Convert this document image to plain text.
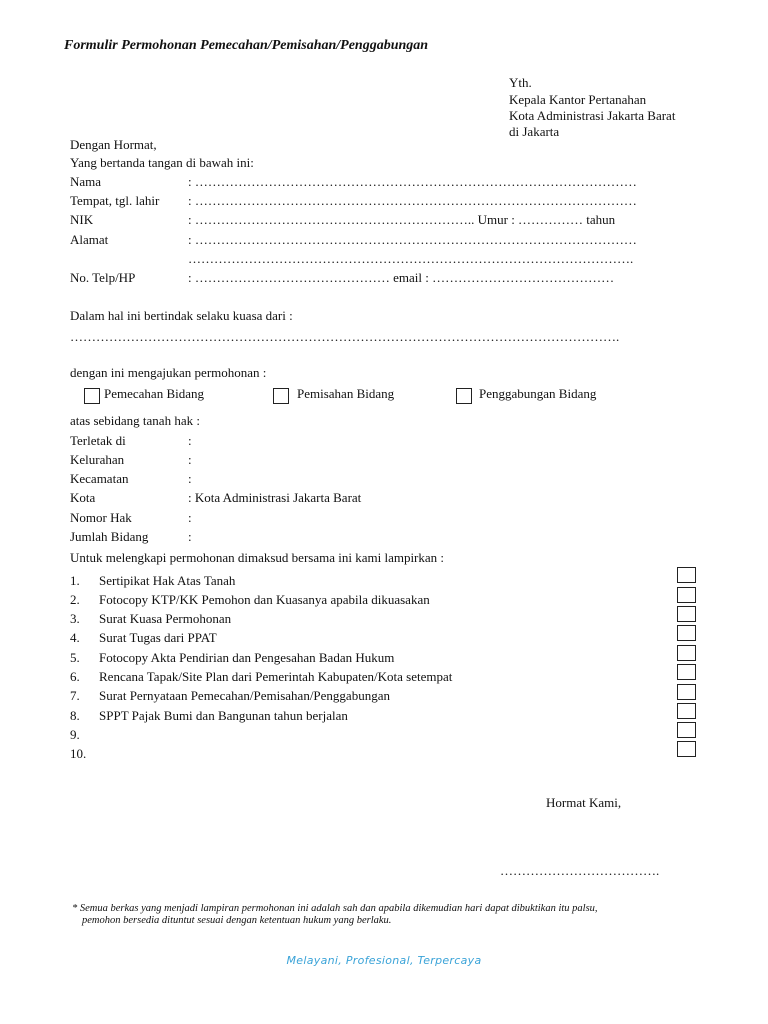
Formulir Permohonan Pemecahan/Pemisahan/Penggabungan
Yth.
Kepala Kantor Pertanahan
Kota Administrasi Jakarta Barat
di Jakarta
Dengan Hormat,
Yang bertanda tangan di bawah ini:
Nama	: …………………………………………………………………………………………
Tempat, tgl. lahir : …………………………………………………………………………………………
NIK	: ……………………………………………………….. Umur : …………… tahun
Alamat	: …………………………………………………………………………………………
………………………………………………………………………………………….
No. Telp/HP	: ……………………………………… email : ……………………………………
Dalam hal ini bertindak selaku kuasa dari :
……………………………………………………………………………………………………………….
dengan ini mengajukan permohonan :
Pemecahan Bidang	Pemisahan Bidang	Penggabungan Bidang
atas sebidang tanah hak :
Terletak di	:
Kelurahan	:
Kecamatan	:
Kota	: Kota Administrasi Jakarta Barat
Nomor Hak	:
Jumlah Bidang	:
Untuk melengkapi permohonan dimaksud bersama ini kami lampirkan :
1. Sertipikat Hak Atas Tanah
2. Fotocopy KTP/KK Pemohon dan Kuasanya apabila dikuasakan
3. Surat Kuasa Permohonan
4. Surat Tugas dari PPAT
5. Fotocopy Akta Pendirian dan Pengesahan Badan Hukum
6. Rencana Tapak/Site Plan dari Pemerintah Kabupaten/Kota setempat
7. Surat Pernyataan Pemecahan/Pemisahan/Penggabungan
8. SPPT Pajak Bumi dan Bangunan tahun berjalan
9.
10.
Hormat Kami,
……………………………….
* Semua berkas yang menjadi lampiran permohonan ini adalah sah dan apabila dikemudian hari dapat dibuktikan itu palsu,
pemohon bersedia dituntut sesuai dengan ketentuan hukum yang berlaku.
Melayani, Profesional, Terpercaya
